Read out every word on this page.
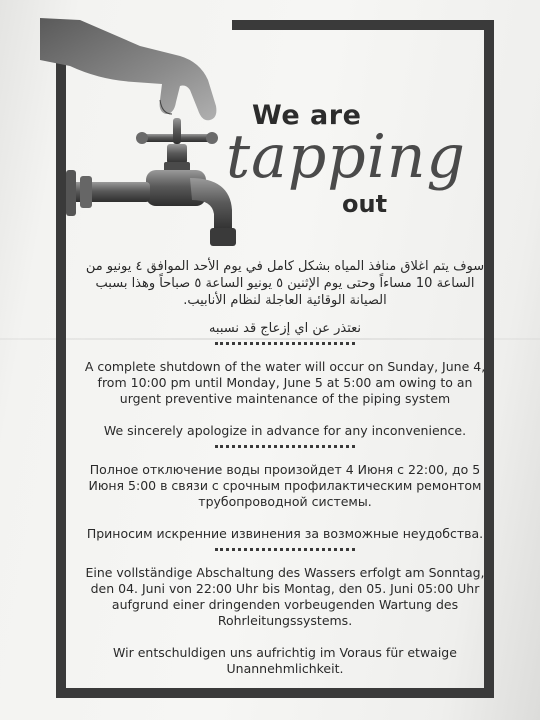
We are

tapping

out

سوف يتم اغلاق منافذ المياه بشكل كامل في يوم الأحد الموافق ٤ يونيو من الساعة 10 مساءاً وحتى يوم الإثنين ٥ يونيو الساعة ٥ صباحاً وهذا بسبب الصيانة الوقائية العاجلة لنظام الأنابيب.

نعتذر عن اي إزعاج قد نسببه

A complete shutdown of the water will occur on Sunday, June 4, from 10:00 pm until Monday, June 5 at 5:00 am owing to an urgent preventive maintenance of the piping system

We sincerely apologize in advance for any inconvenience.

Полное отключение воды произойдет 4 Июня с 22:00, до 5 Июня 5:00 в связи с срочным профилактическим ремонтом трубопроводной системы.

Приносим искренние извинения за возможные неудобства.

Eine vollständige Abschaltung des Wassers erfolgt am Sonntag, den 04. Juni von 22:00 Uhr bis Montag, den 05. Juni 05:00 Uhr aufgrund einer dringenden vorbeugenden Wartung des Rohrleitungssystems.

Wir entschuldigen uns aufrichtig im Voraus für etwaige Unannehmlichkeit.
